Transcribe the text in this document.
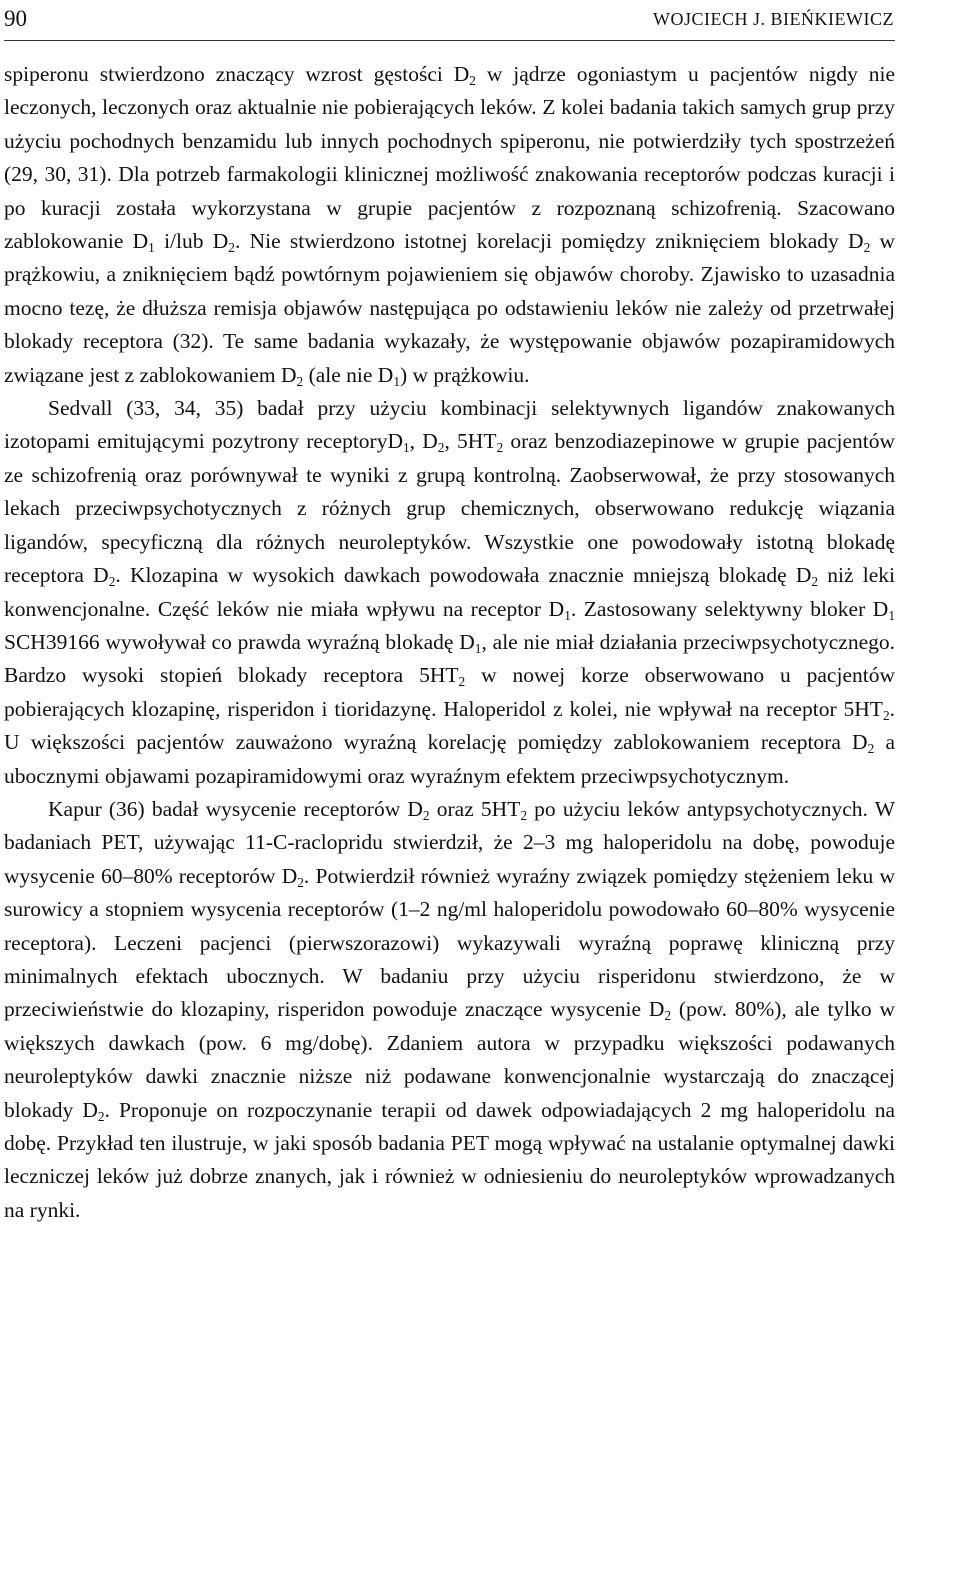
90	WOJCIECH J. BIEŃKIEWICZ

spiperonu stwierdzono znaczący wzrost gęstości $D_2$ w jądrze ogoniastym u pacjentów nigdy nie leczonych, leczonych oraz aktualnie nie pobierających leków. Z kolei badania takich samych grup przy użyciu pochodnych benzamidu lub innych pochodnych spiperonu, nie potwierdziły tych spostrzeżeń (29, 30, 31). Dla potrzeb farmakologii klinicznej możliwość znakowania receptorów podczas kuracji i po kuracji została wykorzystana w grupie pacjentów z rozpoznaną schizofrenią. Szacowano zablokowanie $D_1$ i/lub $D_2$. Nie stwierdzono istotnej korelacji pomiędzy zniknięciem blokady $D_2$ w prążkowiu, a zniknięciem bądź powtórnym pojawieniem się objawów choroby. Zjawisko to uzasadnia mocno tezę, że dłuższa remisja objawów następująca po odstawieniu leków nie zależy od przetrwałej blokady receptora (32). Te same badania wykazały, że występowanie objawów pozapiramidowych związane jest z zablokowaniem $D_2$ (ale nie $D_1$) w prążkowiu.

Sedvall (33, 34, 35) badał przy użyciu kombinacji selektywnych ligandów znakowanych izotopami emitującymi pozytrony receptoryD$_1$, $D_2$, $5HT_2$ oraz benzodiazepinowe w grupie pacjentów ze schizofrenią oraz porównywał te wyniki z grupą kontrolną. Zaobserwował, że przy stosowanych lekach przeciwpsychotycznych z różnych grup chemicznych, obserwowano redukcję wiązania ligandów, specyficzną dla różnych neuroleptyków. Wszystkie one powodowały istotną blokadę receptora $D_2$. Klozapina w wysokich dawkach powodowała znacznie mniejszą blokadę $D_2$ niż leki konwencjonalne. Część leków nie miała wpływu na receptor $D_1$. Zastosowany selektywny bloker $D_1$ SCH39166 wywoływał co prawda wyraźną blokadę $D_1$, ale nie miał działania przeciwpsychotycznego. Bardzo wysoki stopień blokady receptora $5HT_2$ w nowej korze obserwowano u pacjentów pobierających klozapinę, risperidon i tioridazynę. Haloperidol z kolei, nie wpływał na receptor $5HT_2$. U większości pacjentów zauważono wyraźną korelację pomiędzy zablokowaniem receptora $D_2$ a ubocznymi objawami pozapiramidowymi oraz wyraźnym efektem przeciwpsychotycznym.

Kapur (36) badał wysycenie receptorów $D_2$ oraz $5HT_2$ po użyciu leków antypsychotycznych. W badaniach PET, używając 11-C-raclopridu stwierdził, że 2–3 mg haloperidolu na dobę, powoduje wysycenie 60–80% receptorów $D_2$. Potwierdził również wyraźny związek pomiędzy stężeniem leku w surowicy a stopniem wysycenia receptorów (1–2 ng/ml haloperidolu powodowało 60–80% wysycenie receptora). Leczeni pacjenci (pierwszorazowi) wykazywali wyraźną poprawę kliniczną przy minimalnych efektach ubocznych. W badaniu przy użyciu risperidonu stwierdzono, że w przeciwieństwie do klozapiny, risperidon powoduje znaczące wysycenie $D_2$ (pow. 80%), ale tylko w większych dawkach (pow. 6 mg/dobę). Zdaniem autora w przypadku większości podawanych neuroleptyków dawki znacznie niższe niż podawane konwencjonalnie wystarczają do znaczącej blokady $D_2$. Proponuje on rozpoczynanie terapii od dawek odpowiadających 2 mg haloperidolu na dobę. Przykład ten ilustruje, w jaki sposób badania PET mogą wpływać na ustalanie optymalnej dawki leczniczej leków już dobrze znanych, jak i również w odniesieniu do neuroleptyków wprowadzanych na rynki.
